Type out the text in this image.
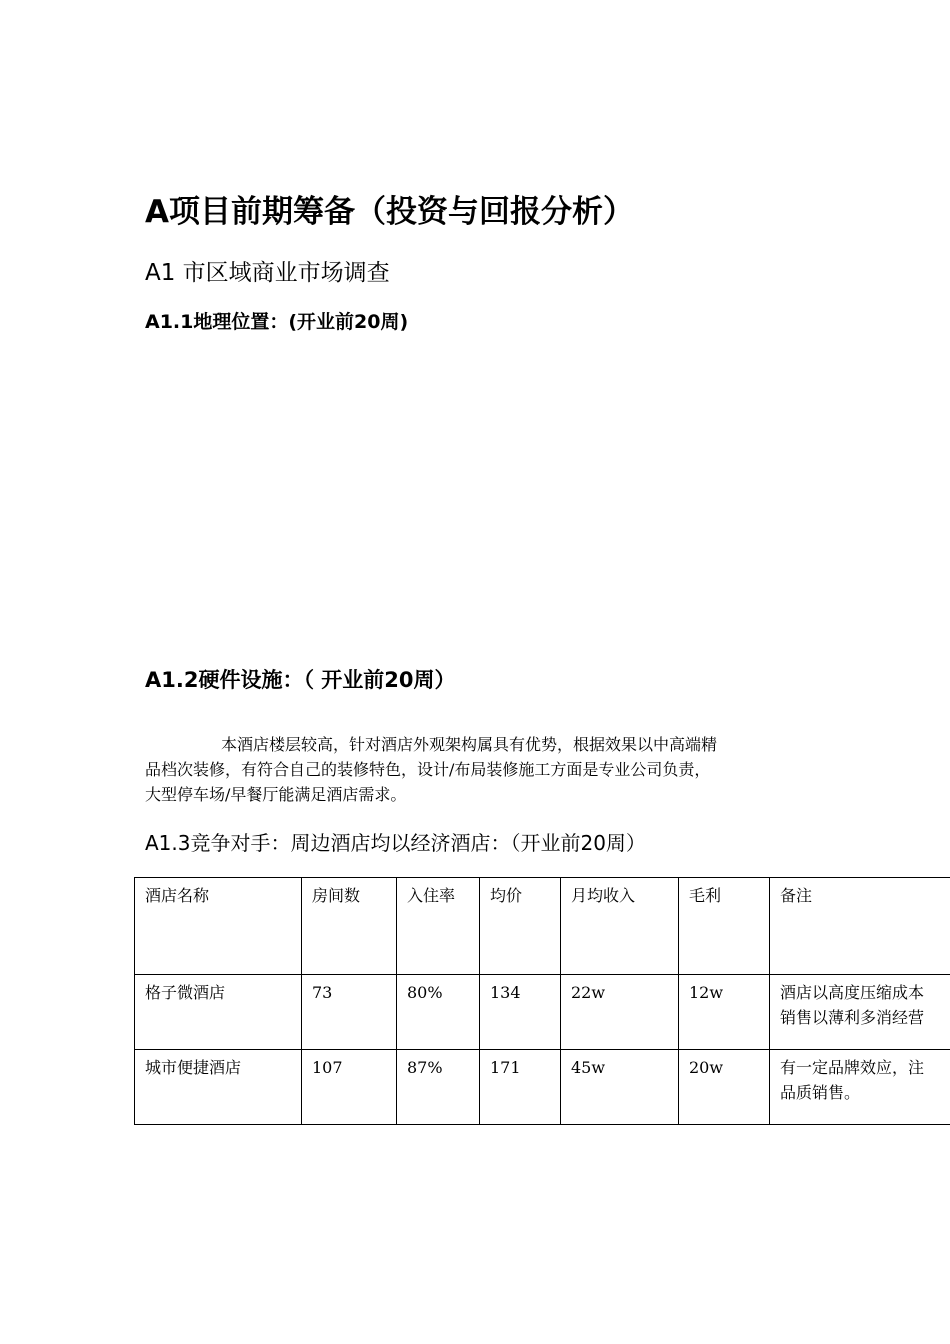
A项目前期筹备（投资与回报分析）
A1 市区域商业市场调查
A1.1地理位置：(开业前20周)
A1.2硬件设施：（ 开业前20周）
本酒店楼层较高，针对酒店外观架构属具有优势，根据效果以中高端精
品档次装修，有符合自己的装修特色，设计/布局装修施工方面是专业公司负责，
大型停车场/早餐厅能满足酒店需求。
A1.3竞争对手：周边酒店均以经济酒店：（开业前20周）
酒店名称	房间数	入住率	均价	月均收入	毛利	备注
格子微酒店	73	80%	134	22w	12w	酒店以高度压缩成本
销售以薄利多消经营

城市便捷酒店	107	87%	171	45w	20w	有一定品牌效应，注
品质销售。
